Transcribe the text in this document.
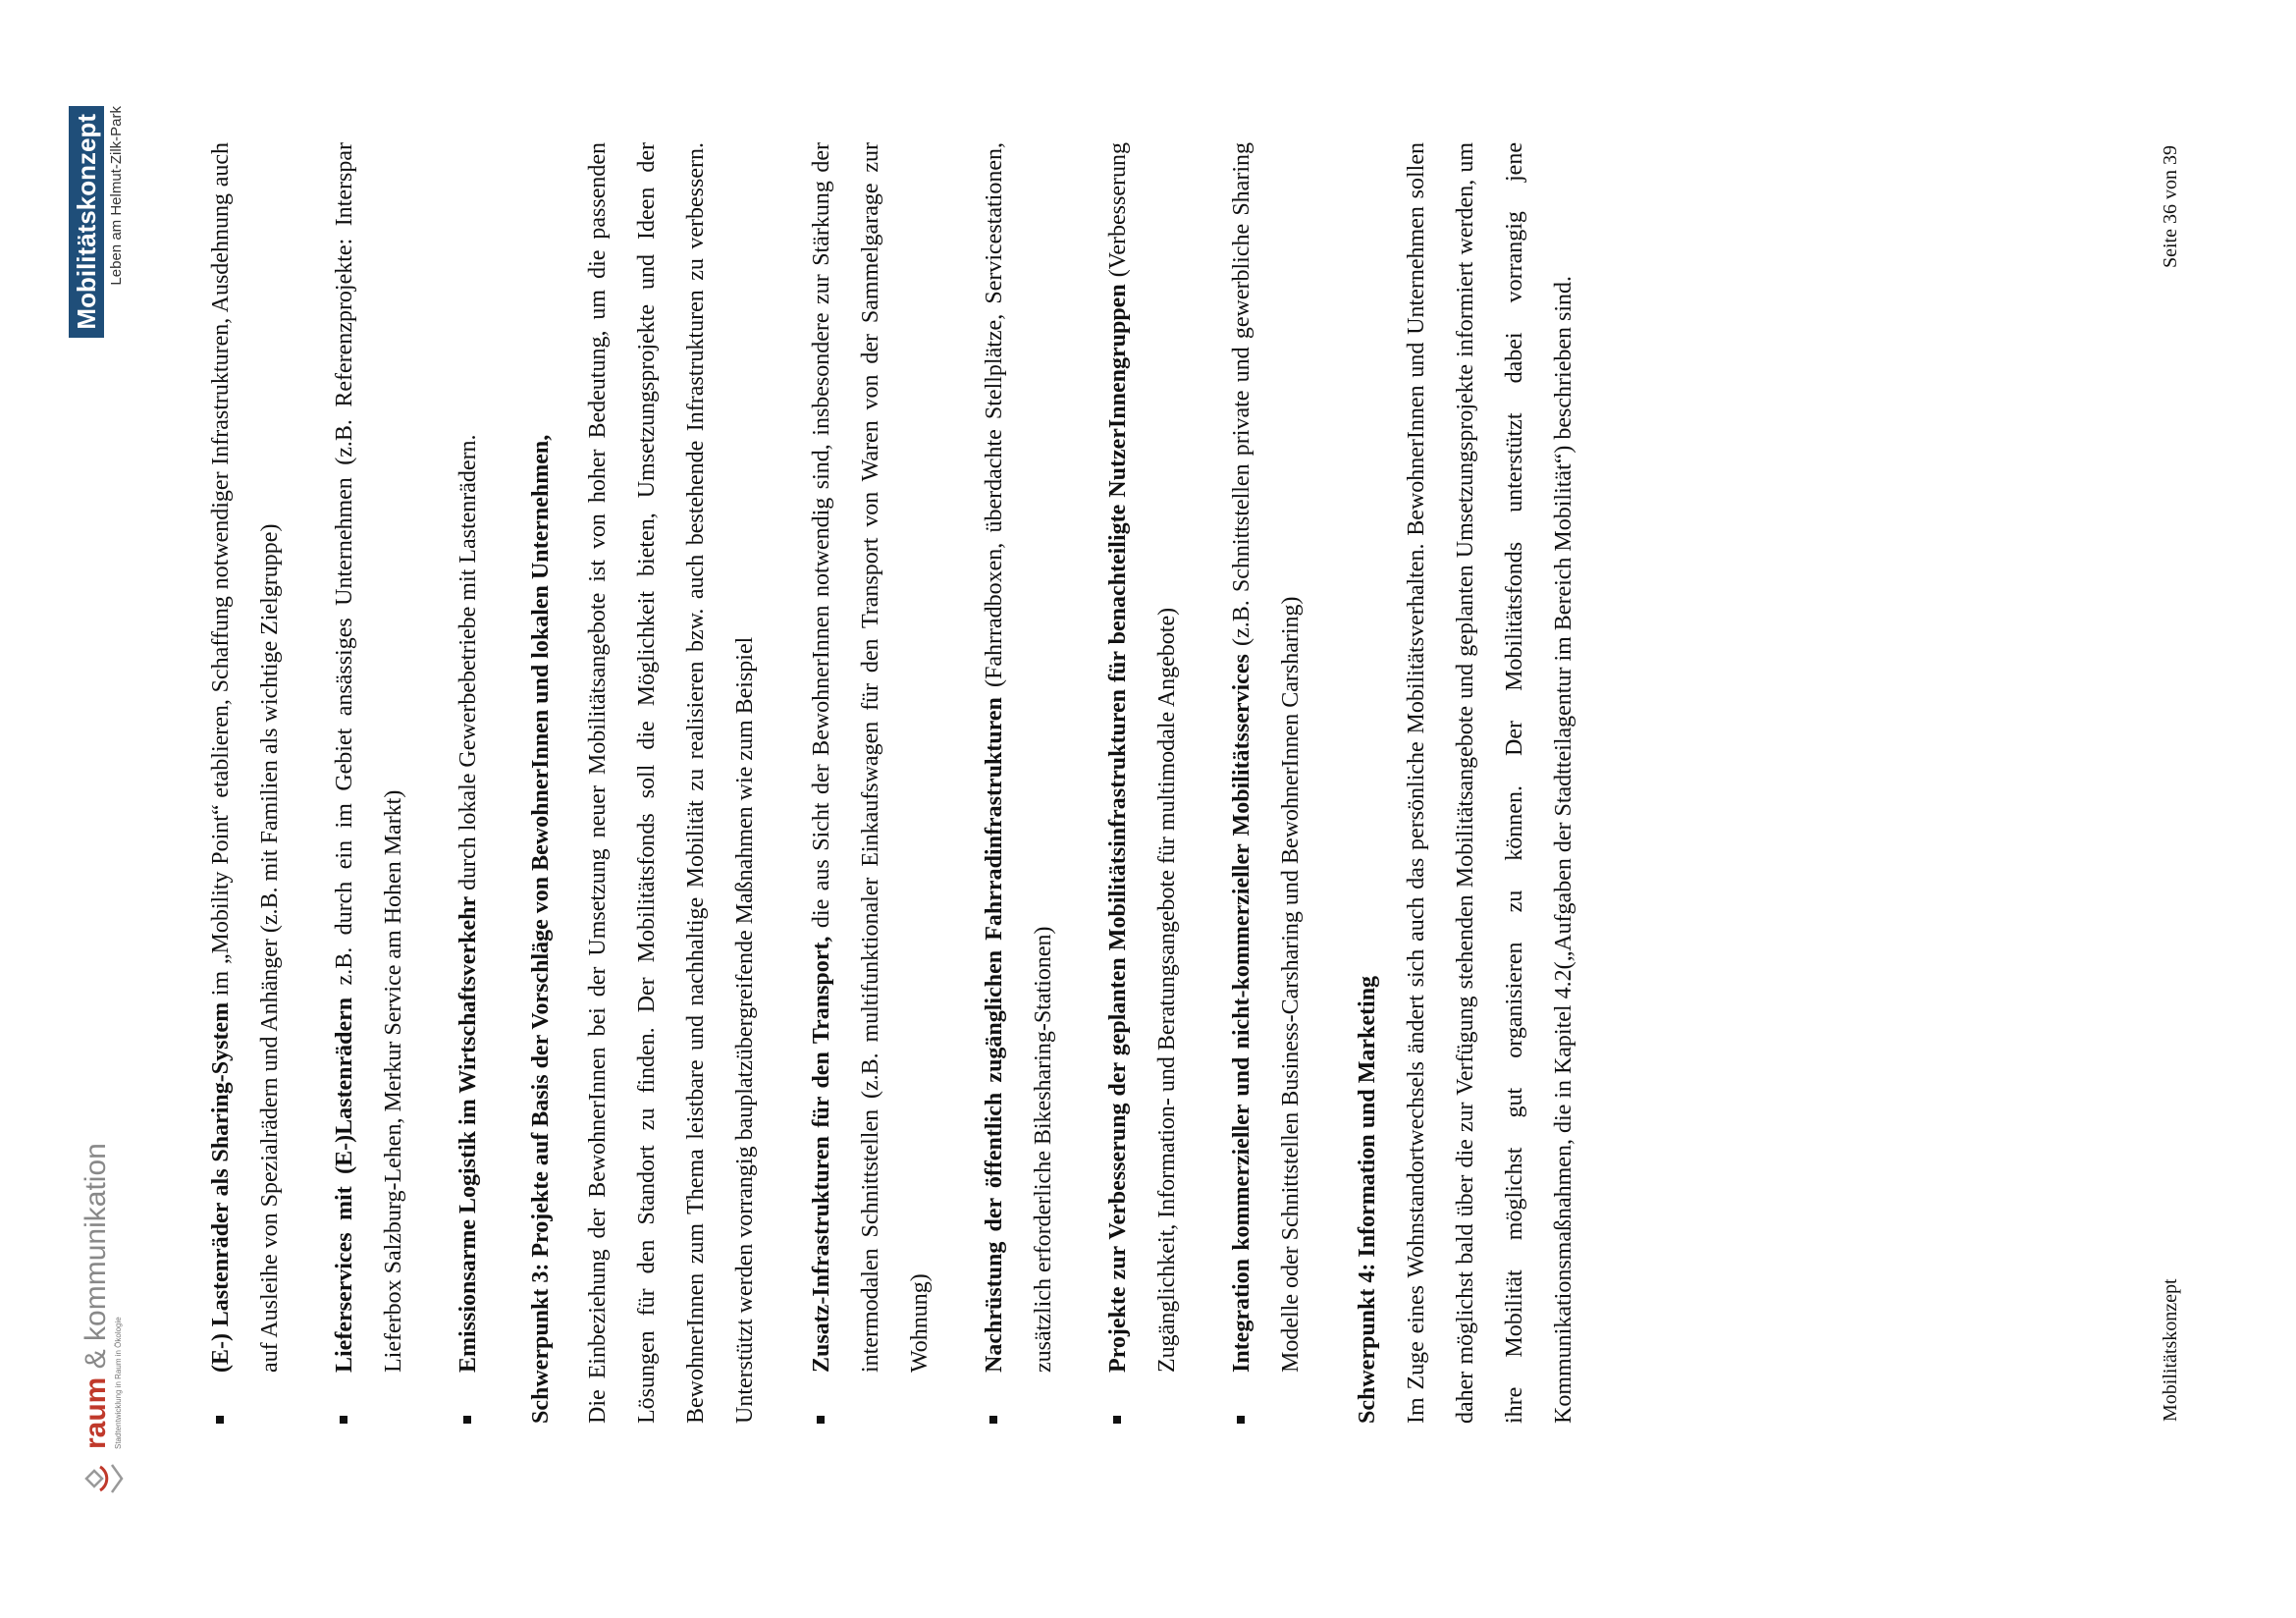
raum & kommunikation
Stadtentwicklung in Raum in Ökologie
Mobilitätskonzept Leben am Helmut-Zilk-Park
(E-) Lastenräder als Sharing-System im „Mobility Point“ etablieren, Schaffung notwendiger Infrastrukturen, Ausdehnung auch auf Ausleihe von Spezialrädern und Anhänger (z.B. mit Familien als wichtige Zielgruppe)	Lieferservices mit (E-)Lastenrädern z.B. durch ein im Gebiet ansässiges Unternehmen (z.B. Referenzprojekte: Interspar Lieferbox Salzburg-Lehen, Merkur Service am Hohen Markt)	Emissionsarme Logistik im Wirtschaftsverkehr durch lokale Gewerbebetriebe mit Lastenrädern.	Schwerpunkt 3: Projekte auf Basis der Vorschläge von BewohnerInnen und lokalen Unternehmen,	Die Einbeziehung der BewohnerInnen bei der Umsetzung neuer Mobilitätsangebote ist von hoher Bedeutung, um die passenden Lösungen für den Standort zu finden. Der Mobilitätsfonds soll die Möglichkeit bieten, Umsetzungsprojekte und Ideen der BewohnerInnen zum Thema leistbare und nachhaltige Mobilität zu realisieren bzw. auch bestehende Infrastrukturen zu verbessern. Unterstützt werden vorrangig bauplatzübergreifende Maßnahmen wie zum Beispiel	Zusatz-Infrastrukturen für den Transport, die aus Sicht der BewohnerInnen notwendig sind, insbesondere zur Stärkung der intermodalen Schnittstellen (z.B. multifunktionaler Einkaufswagen für den Transport von Waren von der Sammelgarage zur Wohnung)	Nachrüstung der öffentlich zugänglichen Fahrradinfrastrukturen (Fahrradboxen, überdachte Stellplätze, Servicestationen, zusätzlich erforderliche Bikesharing-Stationen)	Projekte zur Verbesserung der geplanten Mobilitätsinfrastrukturen für benachteiligte NutzerInnengruppen (Verbesserung Zugänglichkeit, Information- und Beratungsangebote für multimodale Angebote)	Integration kommerzieller und nicht-kommerzieller Mobilitätsservices (z.B. Schnittstellen private und gewerbliche Sharing Modelle oder Schnittstellen Business-Carsharing und BewohnerInnen Carsharing)	Schwerpunkt 4: Information und Marketing	Im Zuge eines Wohnstandortwechsels ändert sich auch das persönliche Mobilitätsverhalten. BewohnerInnen und Unternehmen sollen daher möglichst bald über die zur Verfügung stehenden Mobilitätsangebote und geplanten Umsetzungsprojekte informiert werden, um ihre Mobilität möglichst gut organisieren zu können. Der Mobilitätsfonds unterstützt dabei vorrangig jene Kommunikationsmaßnahmen, die in Kapitel 4.2(„Aufgaben der Stadtteilagentur im Bereich Mobilität“) beschrieben sind.	Mobilitätskonzept
Seite 36 von 39
